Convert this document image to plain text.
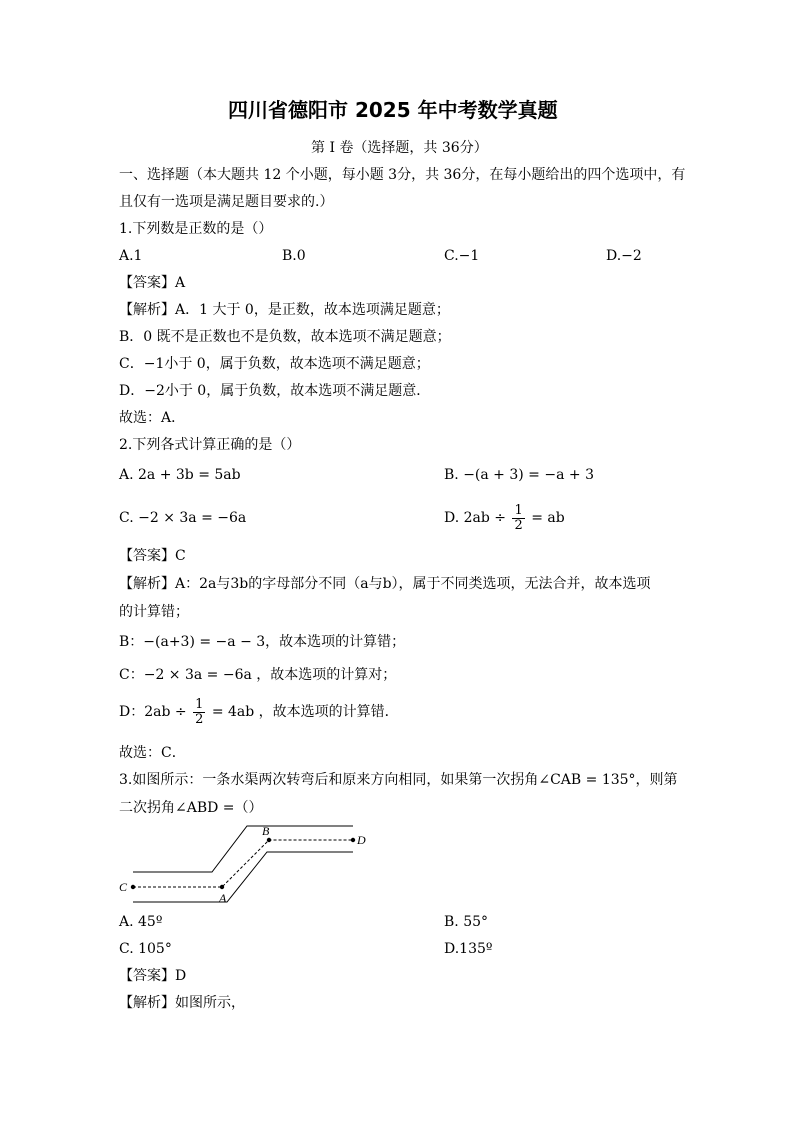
四川省德阳市 2025 年中考数学真题
第 I 卷（选择题，共 36分）
一、选择题（本大题共 12 个小题，每小题 3分，共 36分，在每小题给出的四个选项中，有
且仅有一选项是满足题目要求的.）
1.下列数是正数的是（）
A.1	B.0	C.−1	D.−2
【答案】A
【解析】A．1 大于 0，是正数，故本选项满足题意；
B．0 既不是正数也不是负数，故本选项不满足题意；
C．−1小于 0，属于负数，故本选项不满足题意；
D．−2小于 0，属于负数，故本选项不满足题意．
故选：A．
2.下列各式计算正确的是（）
A. 2a + 3b = 5ab	B. −(a + 3) = −a + 3
C. −2 × 3a = −6a	D. $2ab \div \frac{1}{2}$ = ab
【答案】C
【解析】A：2a与3b的字母部分不同（a与b），属于不同类选项，无法合并，故本选项
的计算错；
B：−(a+3) = −a − 3，故本选项的计算错；
C：−2 × 3a = −6a ，故本选项的计算对；
D：$2ab \div \frac{1}{2} = 4ab$ ，故本选项的计算错．
故选：C．
3.如图所示：一条水渠两次转弯后和原来方向相同，如果第一次拐角∠CAB = 135°，则第
二次拐角∠ABD =（）
B
D
C
A
A. 45º	B. 55°
C. 105°	D.135º
【答案】D
【解析】如图所示，
